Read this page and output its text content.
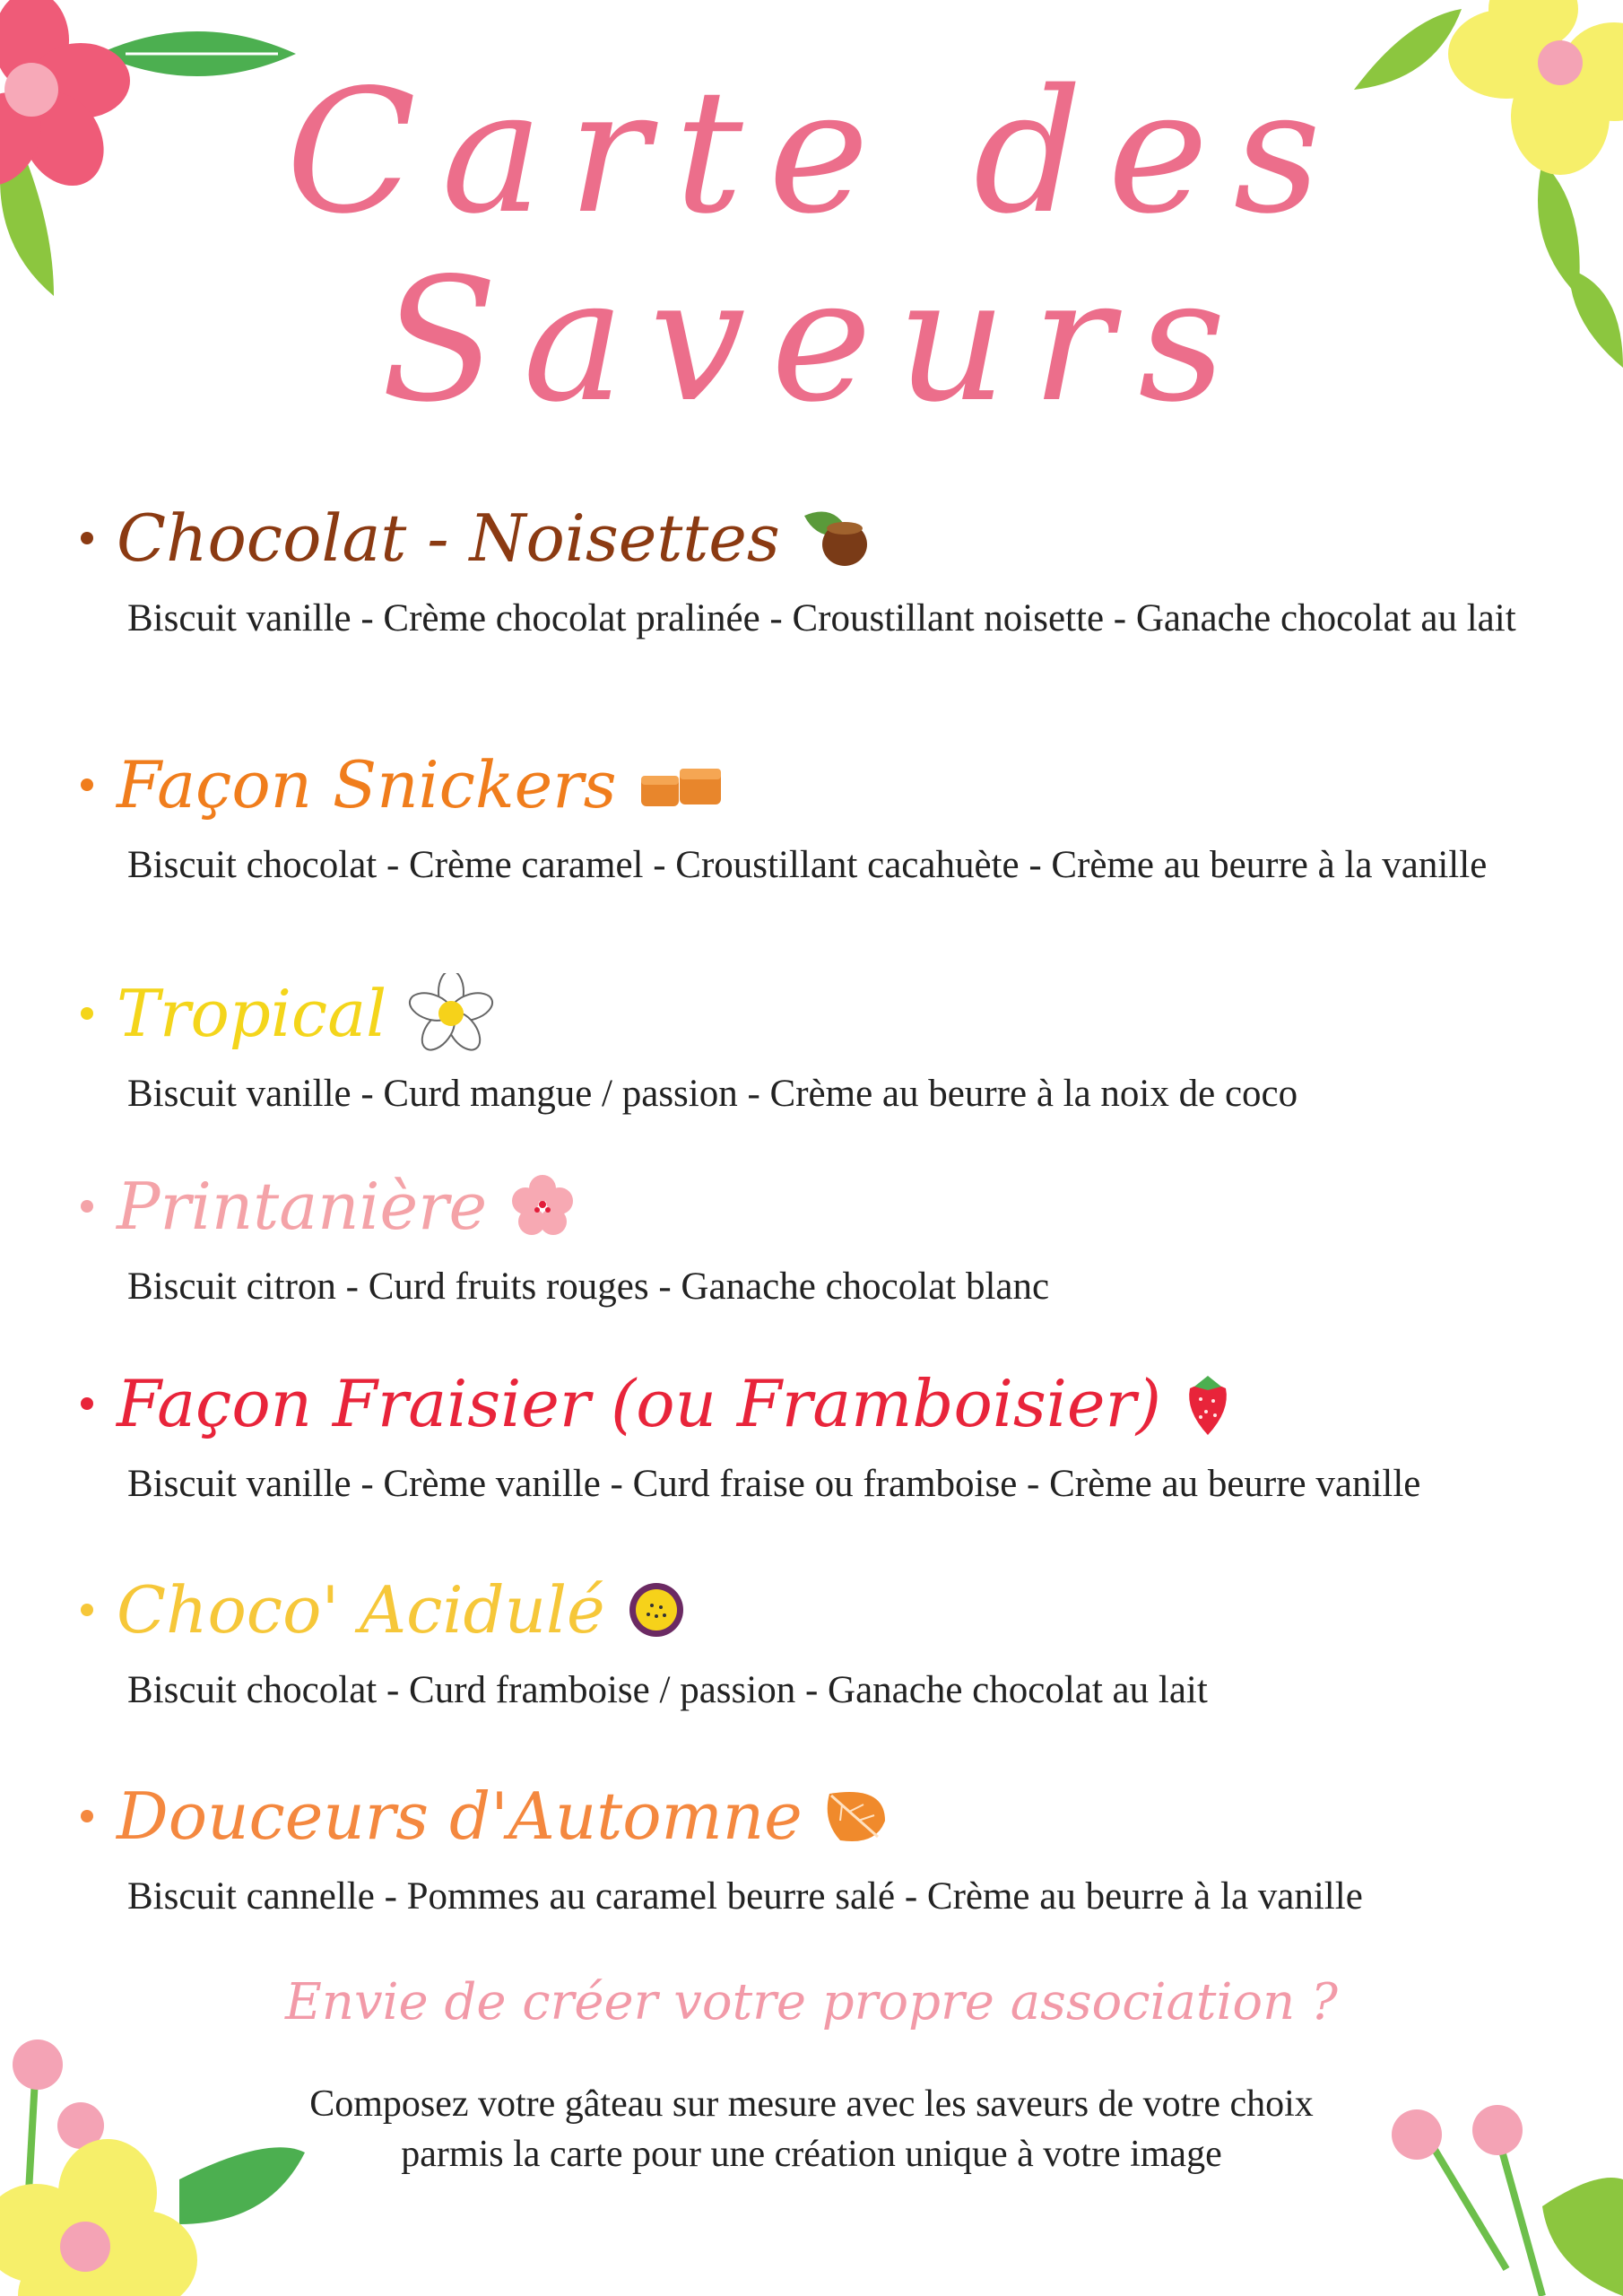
Carte des
Saveurs
Chocolat - Noisettes
Biscuit vanille - Crème chocolat pralinée - Croustillant noisette - Ganache chocolat au lait
Façon Snickers
Biscuit chocolat - Crème caramel - Croustillant cacahuète - Crème au beurre à la vanille
Tropical
Biscuit vanille - Curd mangue / passion - Crème au beurre à la noix de coco
Printanière
Biscuit citron - Curd fruits rouges - Ganache chocolat blanc
Façon Fraisier (ou Framboisier)
Biscuit vanille - Crème vanille - Curd fraise ou framboise - Crème au beurre vanille
Choco' Acidulé
Biscuit chocolat - Curd framboise / passion - Ganache chocolat au lait
Douceurs d'Automne
Biscuit cannelle - Pommes au caramel beurre salé - Crème au beurre à la vanille
Envie de créer votre propre association ?
Composez votre gâteau sur mesure avec les saveurs de votre choix parmis la carte pour une création unique à votre image
